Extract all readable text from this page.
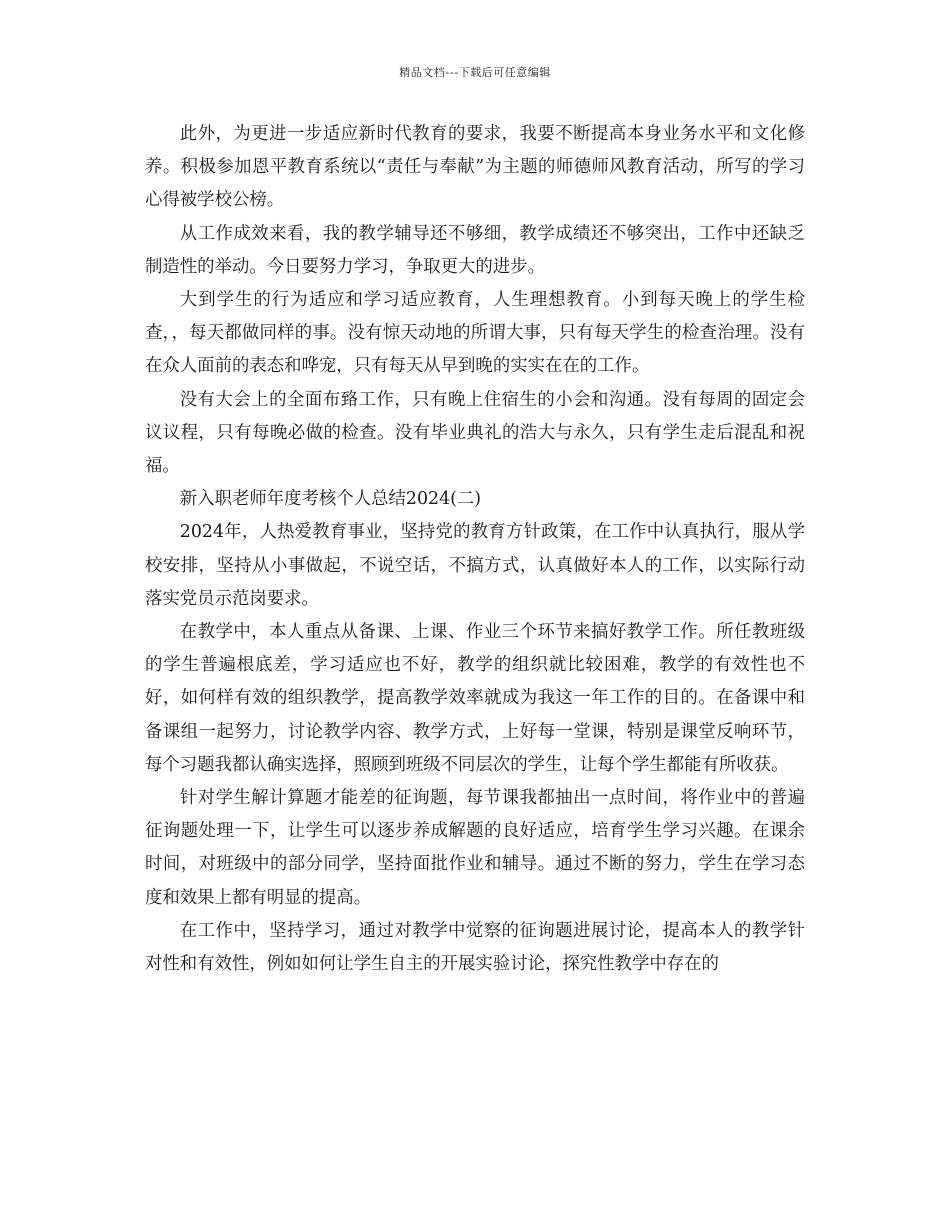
精品文档---下载后可任意编辑

此外，为更进一步适应新时代教育的要求，我要不断提高本身业务水平和文化修养。积极参加恩平教育系统以“责任与奉献”为主题的师德师风教育活动，所写的学习心得被学校公榜。

从工作成效来看，我的教学辅导还不够细，教学成绩还不够突出，工作中还缺乏制造性的举动。今日要努力学习，争取更大的进步。

大到学生的行为适应和学习适应教育，人生理想教育。小到每天晚上的学生检查，，每天都做同样的事。没有惊天动地的所谓大事，只有每天学生的检查治理。没有在众人面前的表态和哗宠，只有每天从早到晚的实实在在的工作。

没有大会上的全面布臵工作，只有晚上住宿生的小会和沟通。没有每周的固定会议议程，只有每晚必做的检查。没有毕业典礼的浩大与永久，只有学生走后混乱和祝福。

新入职老师年度考核个人总结2024(二)

2024年，人热爱教育事业，坚持党的教育方针政策，在工作中认真执行，服从学校安排，坚持从小事做起，不说空话，不搞方式，认真做好本人的工作，以实际行动落实党员示范岗要求。

在教学中，本人重点从备课、上课、作业三个环节来搞好教学工作。所任教班级的学生普遍根底差，学习适应也不好，教学的组织就比较困难，教学的有效性也不好，如何样有效的组织教学，提高教学效率就成为我这一年工作的目的。在备课中和备课组一起努力，讨论教学内容、教学方式，上好每一堂课，特别是课堂反响环节，每个习题我都认确实选择，照顾到班级不同层次的学生，让每个学生都能有所收获。

针对学生解计算题才能差的征询题，每节课我都抽出一点时间，将作业中的普遍征询题处理一下，让学生可以逐步养成解题的良好适应，培育学生学习兴趣。在课余时间，对班级中的部分同学，坚持面批作业和辅导。通过不断的努力，学生在学习态度和效果上都有明显的提高。

在工作中，坚持学习，通过对教学中觉察的征询题进展讨论，提高本人的教学针对性和有效性，例如如何让学生自主的开展实验讨论，探究性教学中存在的
